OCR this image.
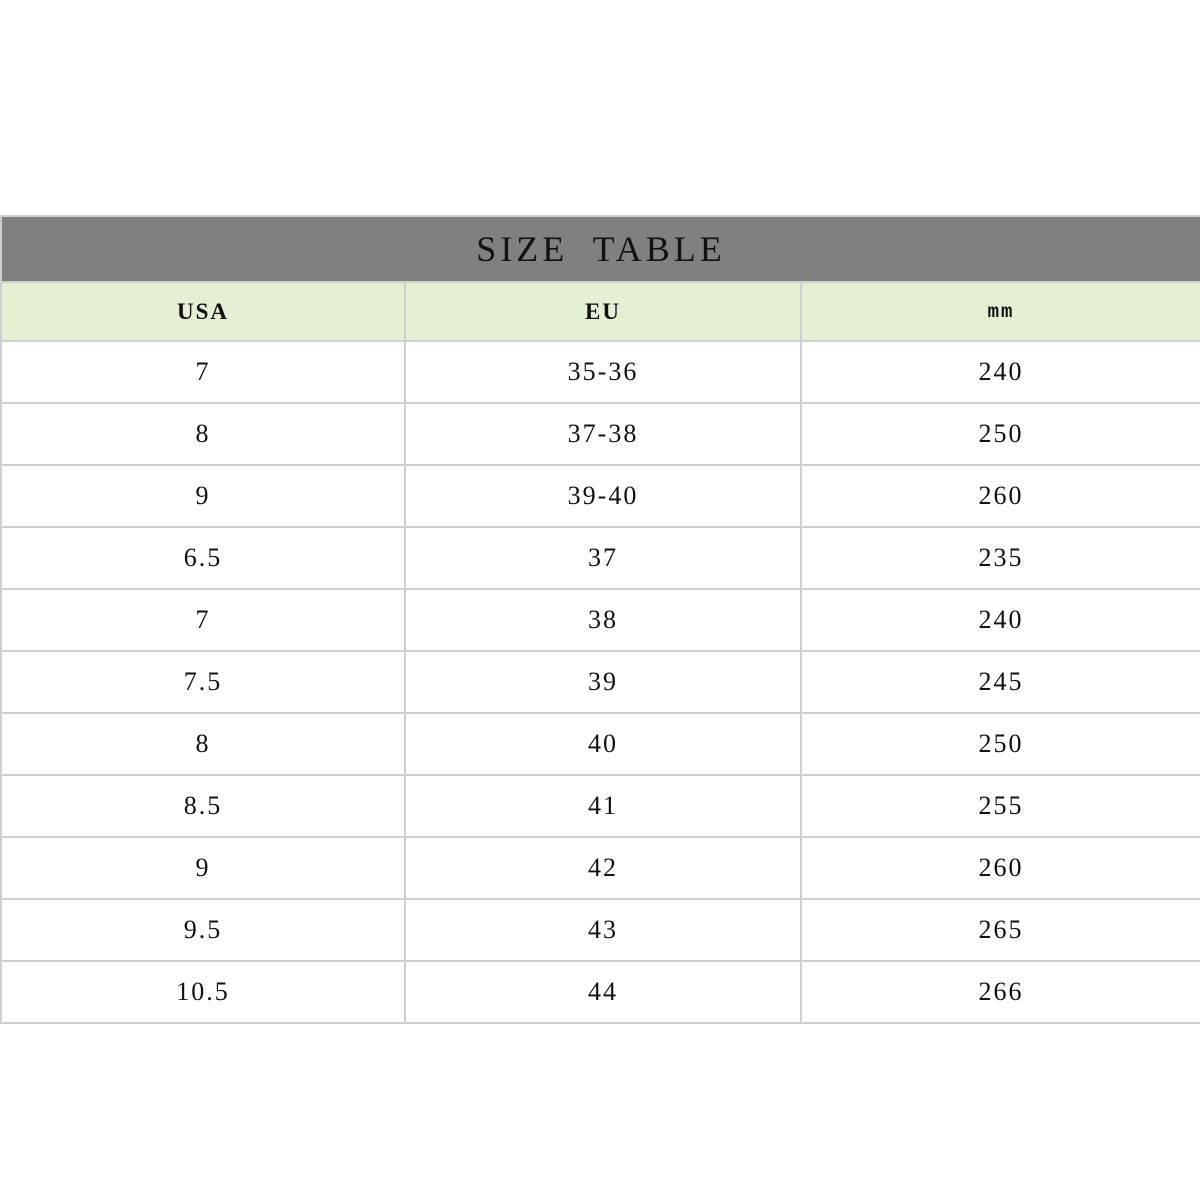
SIZE TABLE		
USA	EU	mm
7	35-36	240
8	37-38	250
9	39-40	260
6.5	37	235
7	38	240
7.5	39	245
8	40	250
8.5	41	255
9	42	260
9.5	43	265
10.5	44	266
